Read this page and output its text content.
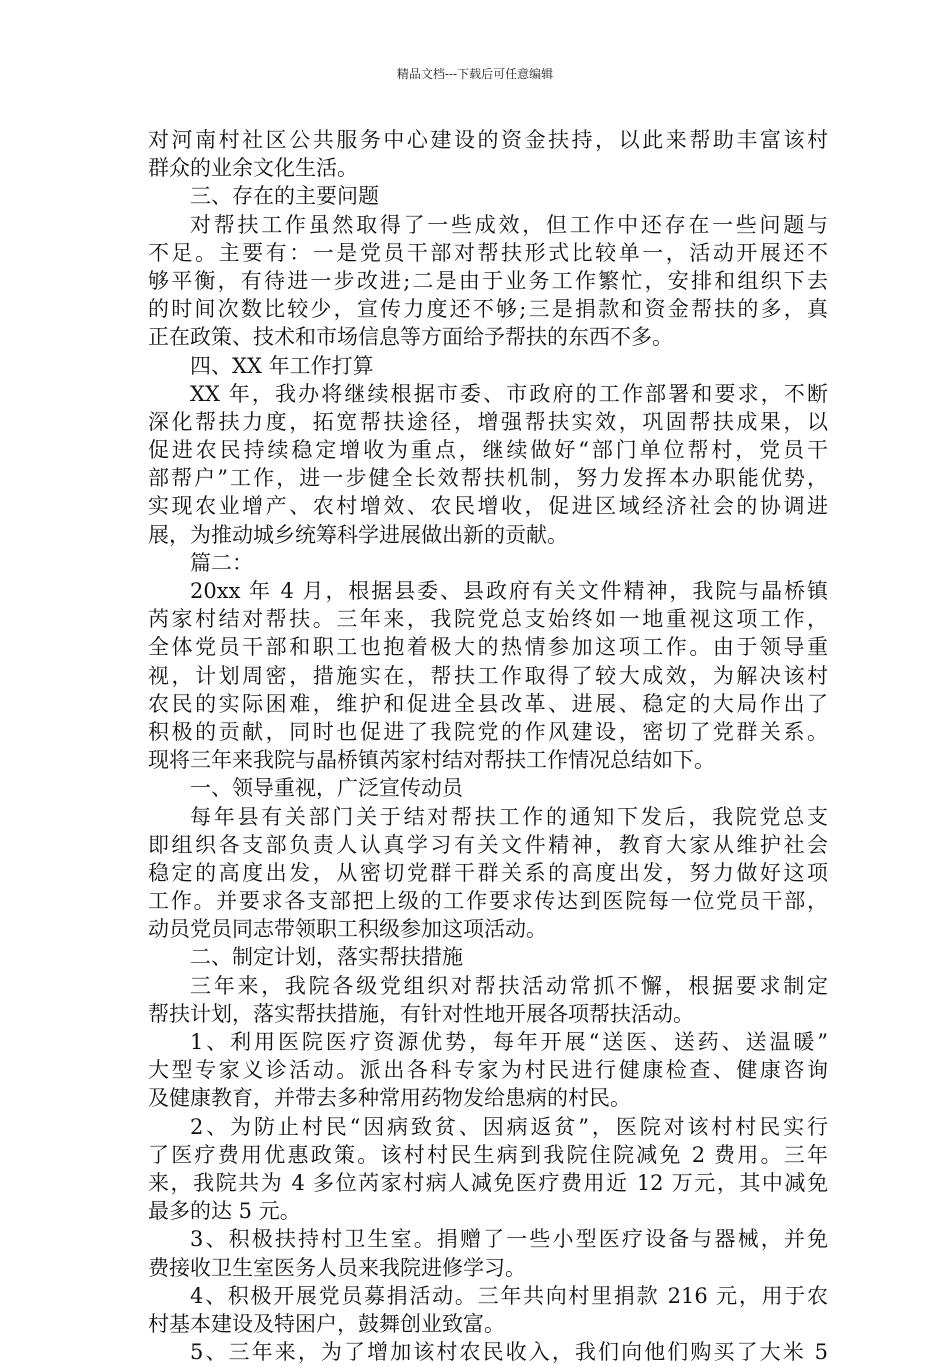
精品文档---下载后可任意编辑
对河南村社区公共服务中心建设的资金扶持，以此来帮助丰富该村
群众的业余文化生活。
三、存在的主要问题
对帮扶工作虽然取得了一些成效，但工作中还存在一些问题与
不足。主要有：一是党员干部对帮扶形式比较单一，活动开展还不
够平衡，有待进一步改进;二是由于业务工作繁忙，安排和组织下去
的时间次数比较少，宣传力度还不够;三是捐款和资金帮扶的多，真
正在政策、技术和市场信息等方面给予帮扶的东西不多。
四、XX 年工作打算
XX 年，我办将继续根据市委、市政府的工作部署和要求，不断
深化帮扶力度，拓宽帮扶途径，增强帮扶实效，巩固帮扶成果，以
促进农民持续稳定增收为重点，继续做好“部门单位帮村，党员干
部帮户”工作，进一步健全长效帮扶机制，努力发挥本办职能优势，
实现农业增产、农村增效、农民增收，促进区域经济社会的协调进
展，为推动城乡统筹科学进展做出新的贡献。
篇二：
20xx 年 4 月，根据县委、县政府有关文件精神，我院与晶桥镇
芮家村结对帮扶。三年来，我院党总支始终如一地重视这项工作，
全体党员干部和职工也抱着极大的热情参加这项工作。由于领导重
视，计划周密，措施实在，帮扶工作取得了较大成效，为解决该村
农民的实际困难，维护和促进全县改革、进展、稳定的大局作出了
积极的贡献，同时也促进了我院党的作风建设，密切了党群关系。
现将三年来我院与晶桥镇芮家村结对帮扶工作情况总结如下。
一、领导重视，广泛宣传动员
每年县有关部门关于结对帮扶工作的通知下发后，我院党总支
即组织各支部负责人认真学习有关文件精神，教育大家从维护社会
稳定的高度出发，从密切党群干群关系的高度出发，努力做好这项
工作。并要求各支部把上级的工作要求传达到医院每一位党员干部，
动员党员同志带领职工积级参加这项活动。
二、制定计划，落实帮扶措施
三年来，我院各级党组织对帮扶活动常抓不懈，根据要求制定
帮扶计划，落实帮扶措施，有针对性地开展各项帮扶活动。
1、利用医院医疗资源优势，每年开展“送医、送药、送温暖”
大型专家义诊活动。派出各科专家为村民进行健康检查、健康咨询
及健康教育，并带去多种常用药物发给患病的村民。
2、为防止村民“因病致贫、因病返贫”，医院对该村村民实行
了医疗费用优惠政策。该村村民生病到我院住院减免 2 费用。三年
来，我院共为 4 多位芮家村病人减免医疗费用近 12 万元，其中减免
最多的达 5 元。
3、积极扶持村卫生室。捐赠了一些小型医疗设备与器械，并免
费接收卫生室医务人员来我院进修学习。
4、积极开展党员募捐活动。三年共向村里捐款 216 元，用于农
村基本建设及特困户，鼓舞创业致富。
5、三年来，为了增加该村农民收入，我们向他们购买了大米 5
